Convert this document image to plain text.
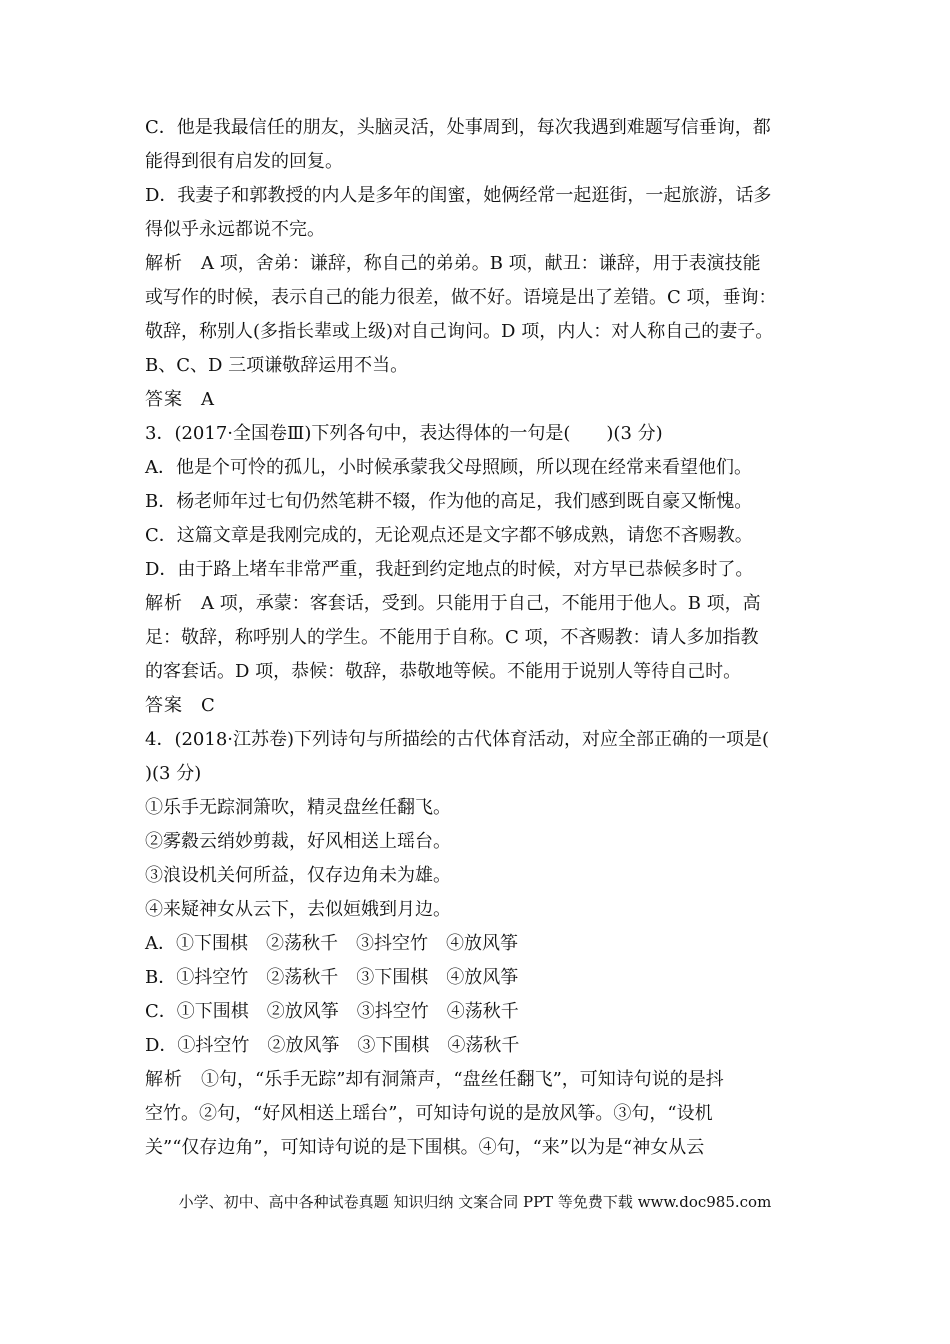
C．他是我最信任的朋友，头脑灵活，处事周到，每次我遇到难题写信垂询，都
能得到很有启发的回复。
D．我妻子和郭教授的内人是多年的闺蜜，她俩经常一起逛街，一起旅游，话多
得似乎永远都说不完。
解析　 A 项，舍弟：谦辞，称自己的弟弟。B 项，献丑：谦辞，用于表演技能
或写作的时候，表示自己的能力很差，做不好。语境是出了差错。C 项，垂询：
敬辞，称别人(多指长辈或上级)对自己询问。D 项，内人：对人称自己的妻子。
B、C、D 三项谦敬辞运用不当。
答案　 A
3．(2017·全国卷Ⅲ)下列各句中，表达得体的一句是(　　)(3 分)
A．他是个可怜的孤儿，小时候承蒙我父母照顾，所以现在经常来看望他们。
B．杨老师年过七旬仍然笔耕不辍，作为他的高足，我们感到既自豪又惭愧。
C．这篇文章是我刚完成的，无论观点还是文字都不够成熟，请您不吝赐教。
D．由于路上堵车非常严重，我赶到约定地点的时候，对方早已恭候多时了。
解析　 A 项，承蒙：客套话，受到。只能用于自己，不能用于他人。B 项，高
足：敬辞，称呼别人的学生。不能用于自称。C 项，不吝赐教：请人多加指教
的客套话。D 项，恭候：敬辞，恭敬地等候。不能用于说别人等待自己时。
答案　 C
4．(2018·江苏卷)下列诗句与所描绘的古代体育活动，对应全部正确的一项是(
)(3 分)
①乐手无踪洞箫吹，精灵盘丝任翻飞。
②雾縠云绡妙剪裁，好风相送上瑶台。
③浪设机关何所益，仅存边角未为雄。
④来疑神女从云下，去似姮娥到月边。
A．①下围棋　②荡秋千　③抖空竹　④放风筝
B．①抖空竹　②荡秋千　③下围棋　④放风筝
C．①下围棋　②放风筝　③抖空竹　④荡秋千
D．①抖空竹　②放风筝　③下围棋　④荡秋千
解析　 ①句，“乐手无踪”却有洞箫声，“盘丝任翻飞”，可知诗句说的是抖
空竹。②句，“好风相送上瑶台”，可知诗句说的是放风筝。③句，“设机
关”“仅存边角”，可知诗句说的是下围棋。④句，“来”以为是“神女从云
小学、初中、高中各种试卷真题 知识归纳 文案合同 PPT 等免费下载 www.doc985.com
